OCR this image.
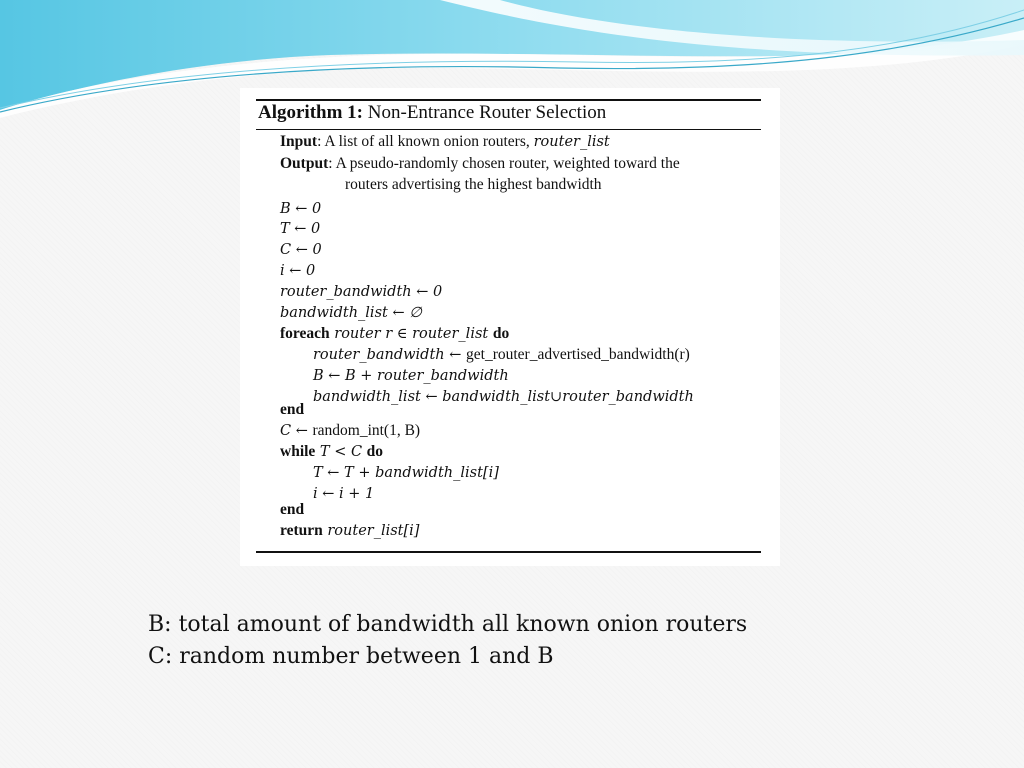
Algorithm 1: Non-Entrance Router Selection
Input: A list of all known onion routers, router_list
Output: A pseudo-randomly chosen router, weighted toward the
routers advertising the highest bandwidth
B ← 0
T ← 0
C ← 0
i ← 0
router_bandwidth ← 0
bandwidth_list ← ∅
foreach router r ∈ router_list do
router_bandwidth ← get_router_advertised_bandwidth(r)
B ← B + router_bandwidth
bandwidth_list ← bandwidth_list∪router_bandwidth
end
C ← random_int(1, B)
while T < C do
T ← T + bandwidth_list[i]
i ← i + 1
end
return router_list[i]
B: total amount of bandwidth all known onion routers
C: random number between 1 and B
